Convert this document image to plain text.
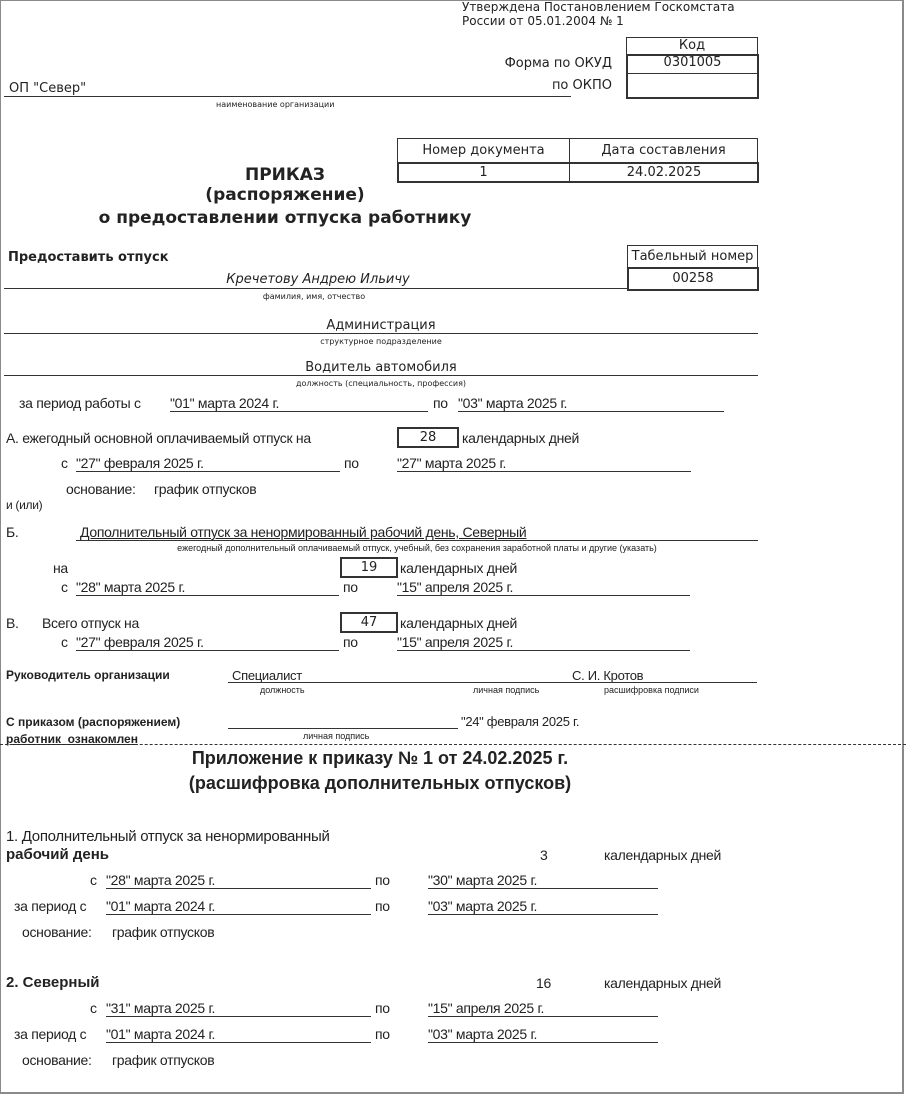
Утверждена Постановлением Госкомстата
России от 05.01.2004 № 1
Код
0301005
Форма по ОКУД
по ОКПО
ОП "Север"
наименование организации
Номер документа	Дата составления
1	24.02.2025
ПРИКАЗ
(распоряжение)
о предоставлении отпуска работнику
Предоставить отпуск	Табельный номер
00258
Кречетову Андрею Ильичу
фамилия, имя, отчество
Администрация
структурное подразделение
Водитель автомобиля
должность (специальность, профессия)
за период работы с "01" марта 2024 г.	по "03" марта 2025 г.
А. ежегодный основной оплачиваемый отпуск на	28	календарных дней
с "27" февраля 2025 г.	по	"27" марта 2025 г.
основание: график отпусков
и (или)
Б.	Дополнительный отпуск за ненормированный рабочий день, Северный
ежегодный дополнительный оплачиваемый отпуск, учебный, без сохранения заработной платы и другие (указать)
на	19	календарных дней
с "28" марта 2025 г.	по	"15" апреля 2025 г.
В. Всего отпуск на	47	календарных дней
с "27" февраля 2025 г.	по	"15" апреля 2025 г.
Руководитель организации	Специалист	С. И. Кротов
должность	личная подпись	расшифровка подписи
С приказом (распоряжением)
работник  ознакомлен
"24" февраля 2025 г.
личная подпись
Приложение к приказу № 1 от 24.02.2025 г.
(расшифровка дополнительных отпусков)
1. Дополнительный отпуск за ненормированный
рабочий день	3	календарных дней
с "28" марта 2025 г.	по	"30" марта 2025 г.
за период с "01" марта 2024 г.	по	"03" марта 2025 г.
основание: график отпусков
2. Северный	16	календарных дней
с "31" марта 2025 г.	по	"15" апреля 2025 г.
за период с "01" марта 2024 г.	по	"03" марта 2025 г.
основание: график отпусков
